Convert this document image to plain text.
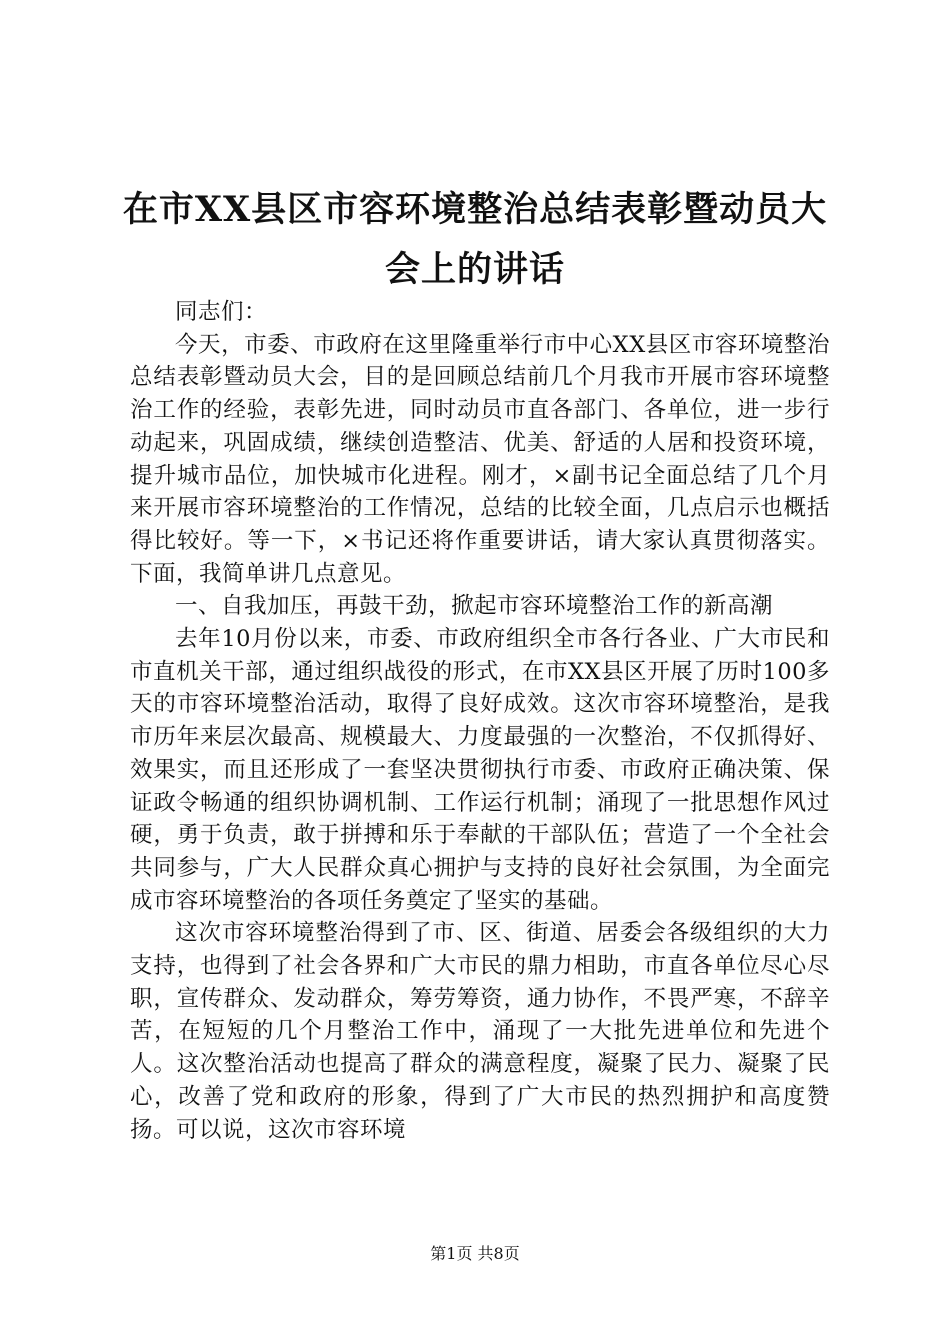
在市XX县区市容环境整治总结表彰暨动员大
会上的讲话

同志们：

今天，市委、市政府在这里隆重举行市中心XX县区市容环境整治总结表彰暨动员大会，目的是回顾总结前几个月我市开展市容环境整治工作的经验，表彰先进，同时动员市直各部门、各单位，进一步行动起来，巩固成绩，继续创造整洁、优美、舒适的人居和投资环境，提升城市品位，加快城市化进程。刚才，×副书记全面总结了几个月来开展市容环境整治的工作情况，总结的比较全面，几点启示也概括得比较好。等一下，×书记还将作重要讲话，请大家认真贯彻落实。下面，我简单讲几点意见。

一、自我加压，再鼓干劲，掀起市容环境整治工作的新高潮

去年10月份以来，市委、市政府组织全市各行各业、广大市民和市直机关干部，通过组织战役的形式，在市XX县区开展了历时100多天的市容环境整治活动，取得了良好成效。这次市容环境整治，是我市历年来层次最高、规模最大、力度最强的一次整治，不仅抓得好、效果实，而且还形成了一套坚决贯彻执行市委、市政府正确决策、保证政令畅通的组织协调机制、工作运行机制；涌现了一批思想作风过硬，勇于负责，敢于拼搏和乐于奉献的干部队伍；营造了一个全社会共同参与，广大人民群众真心拥护与支持的良好社会氛围，为全面完成市容环境整治的各项任务奠定了坚实的基础。

这次市容环境整治得到了市、区、街道、居委会各级组织的大力支持，也得到了社会各界和广大市民的鼎力相助，市直各单位尽心尽职，宣传群众、发动群众，筹劳筹资，通力协作，不畏严寒，不辞辛苦，在短短的几个月整治工作中，涌现了一大批先进单位和先进个人。这次整治活动也提高了群众的满意程度，凝聚了民力、凝聚了民心，改善了党和政府的形象，得到了广大市民的热烈拥护和高度赞扬。可以说，这次市容环境

第1页 共8页
